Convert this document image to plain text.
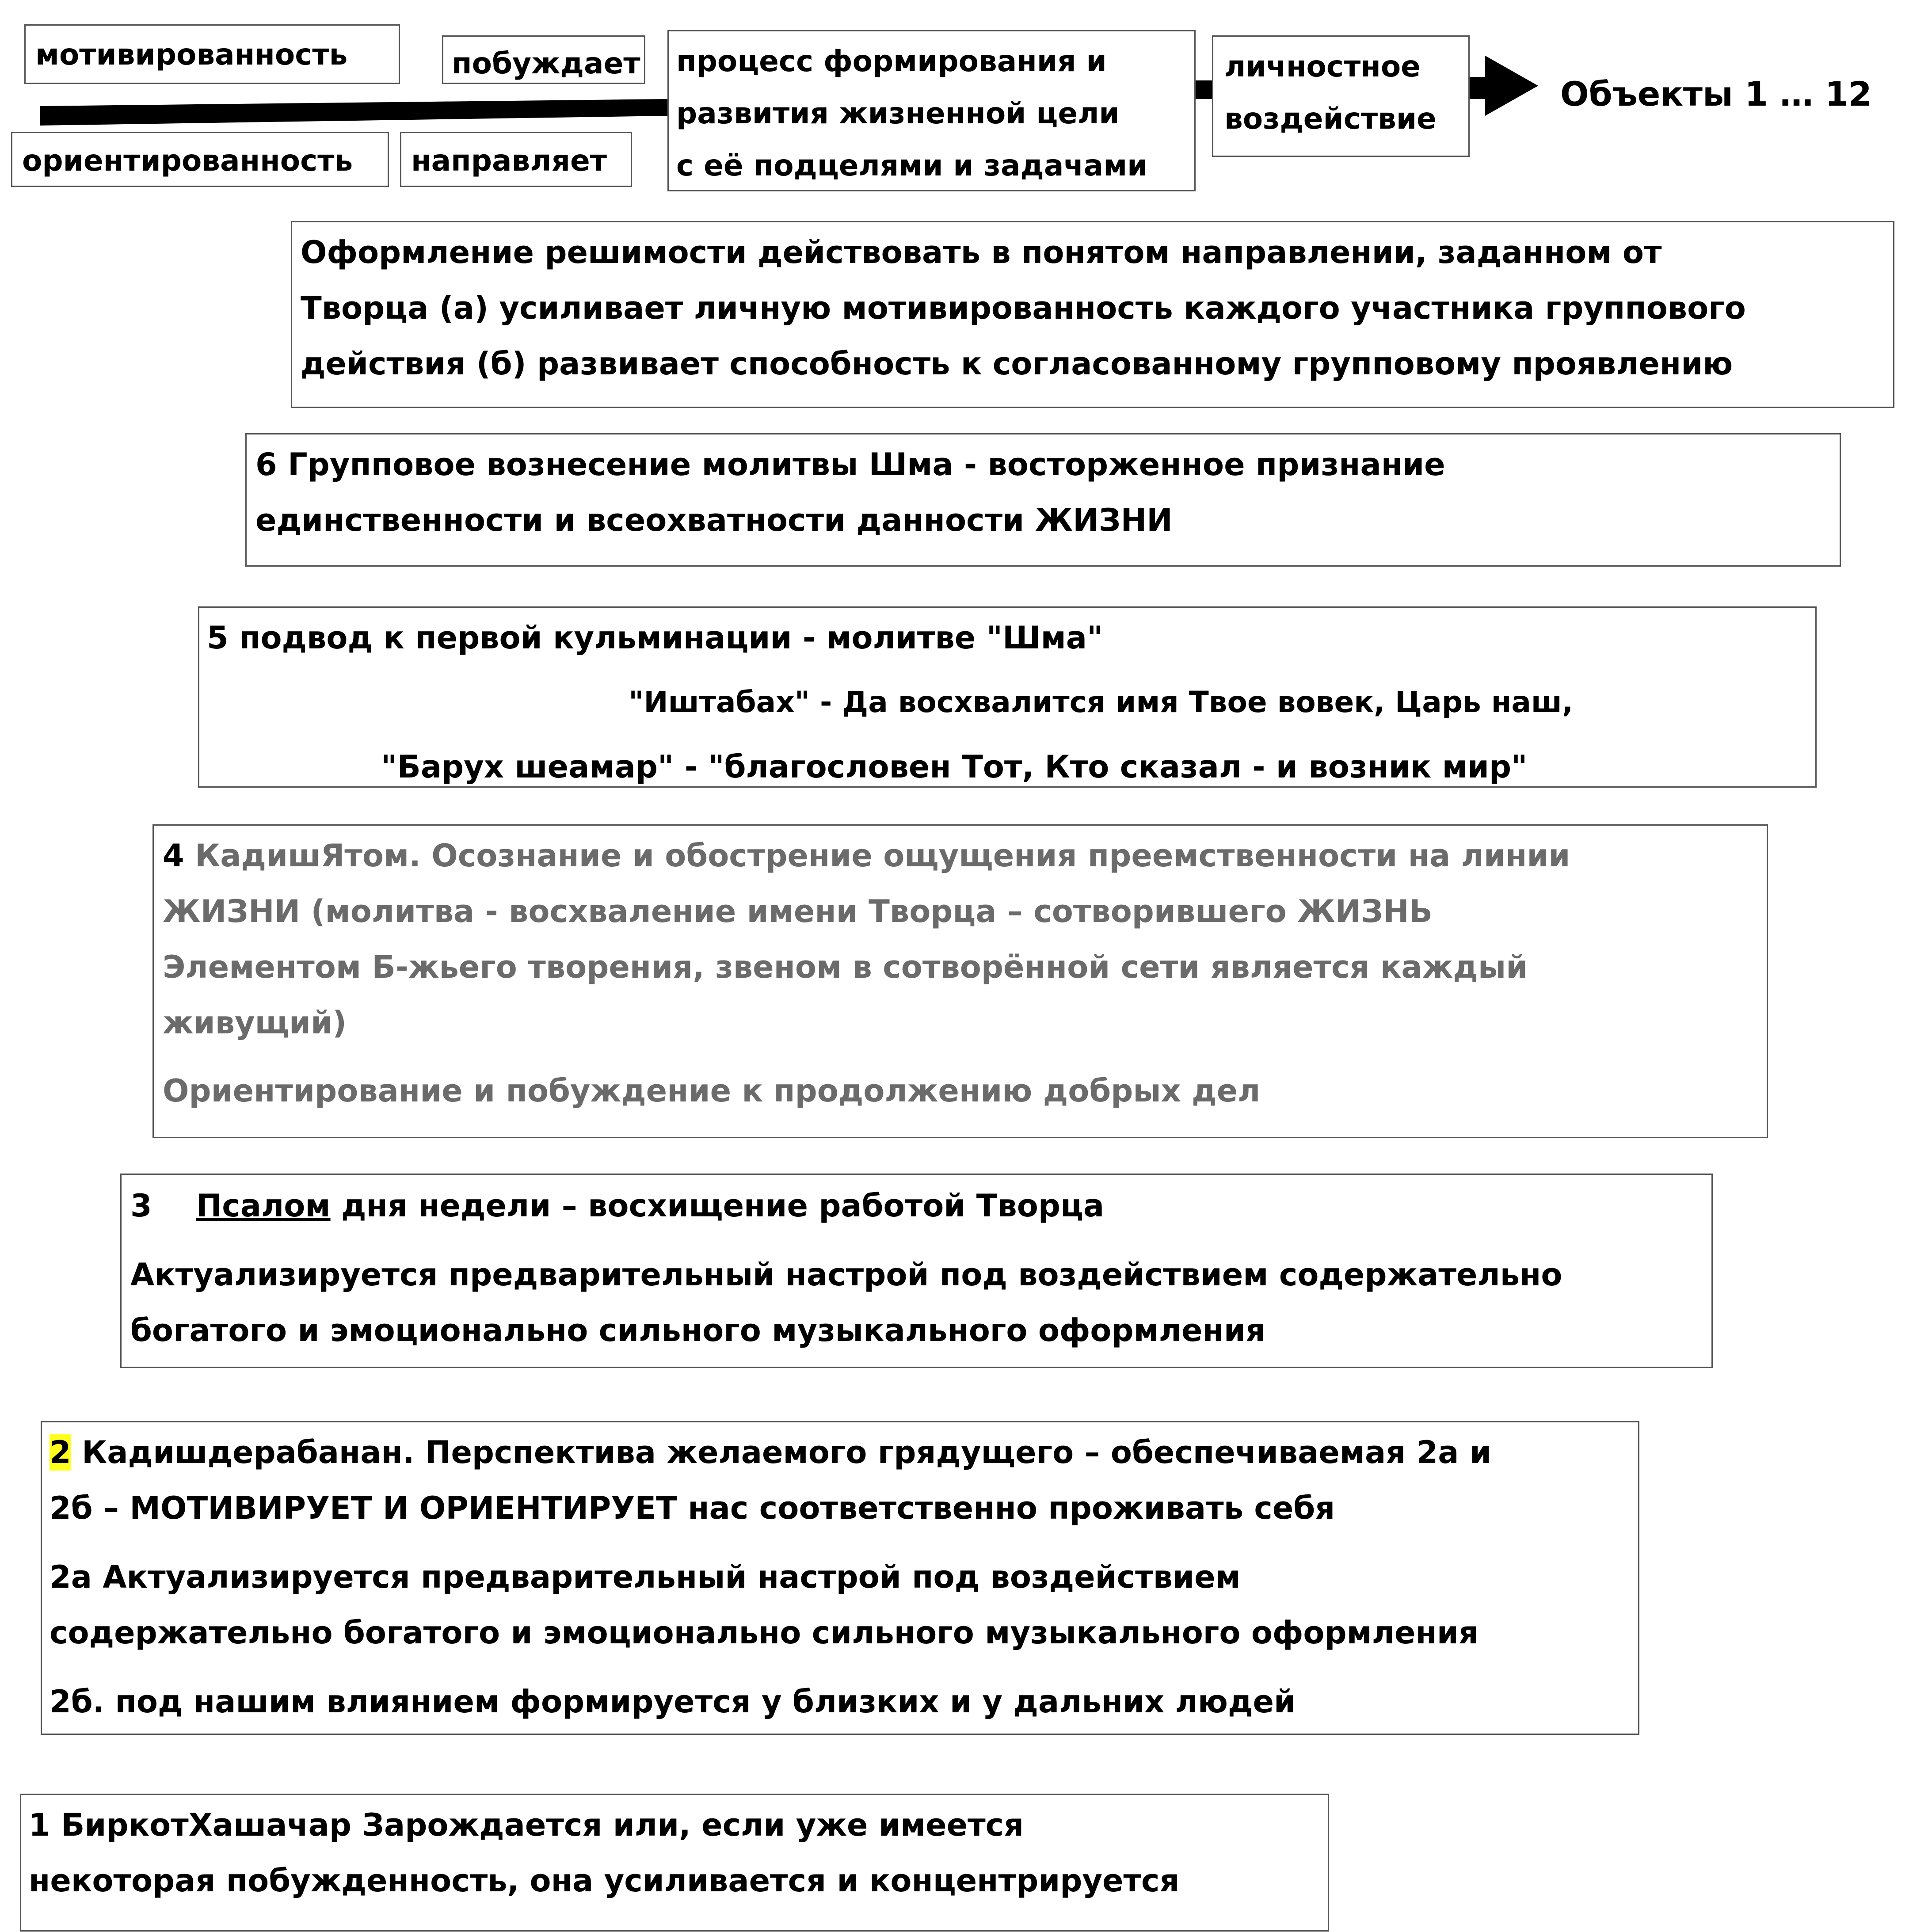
мотивированность
ориентированность
побуждает
направляет
процесс формирования и
развития жизненной цели
с её подцелями и задачами
личностное
воздействие
Объекты 1 … 12
Оформление решимости действовать в понятом направлении, заданном от
Творца (а) усиливает личную мотивированность каждого участника группового
действия (б) развивает способность к согласованному групповому проявлению
6 Групповое вознесение молитвы Шма - восторженное признание
единственности и всеохватности данности ЖИЗНИ
5 подвод к первой кульминации - молитве "Шма"
"Иштабах" - Да восхвалится имя Твое вовек, Царь наш,
"Барух шеамар" - "благословен Тот, Кто сказал - и возник мир"
4 КадишЯтом. Осознание и обострение ощущения преемственности на линии
ЖИЗНИ (молитва - восхваление имени Творца – сотворившего ЖИЗНЬ
Элементом Б-жьего творения, звеном в сотворённой сети является каждый
живущий)
Ориентирование и побуждение к продолжению добрых дел
3 Псалом дня недели – восхищение работой Творца
Актуализируется предварительный настрой под воздействием содержательно
богатого и эмоционально сильного музыкального оформления
2 Кадишдерабанан. Перспектива желаемого грядущего – обеспечиваемая 2а и
2б – МОТИВИРУЕТ И ОРИЕНТИРУЕТ нас соответственно проживать себя
2а Актуализируется предварительный настрой под воздействием
содержательно богатого и эмоционально сильного музыкального оформления
2б. под нашим влиянием формируется у близких и у дальних людей
1 БиркотХашачар Зарождается или, если уже имеется
некоторая побужденность, она усиливается и концентрируется
